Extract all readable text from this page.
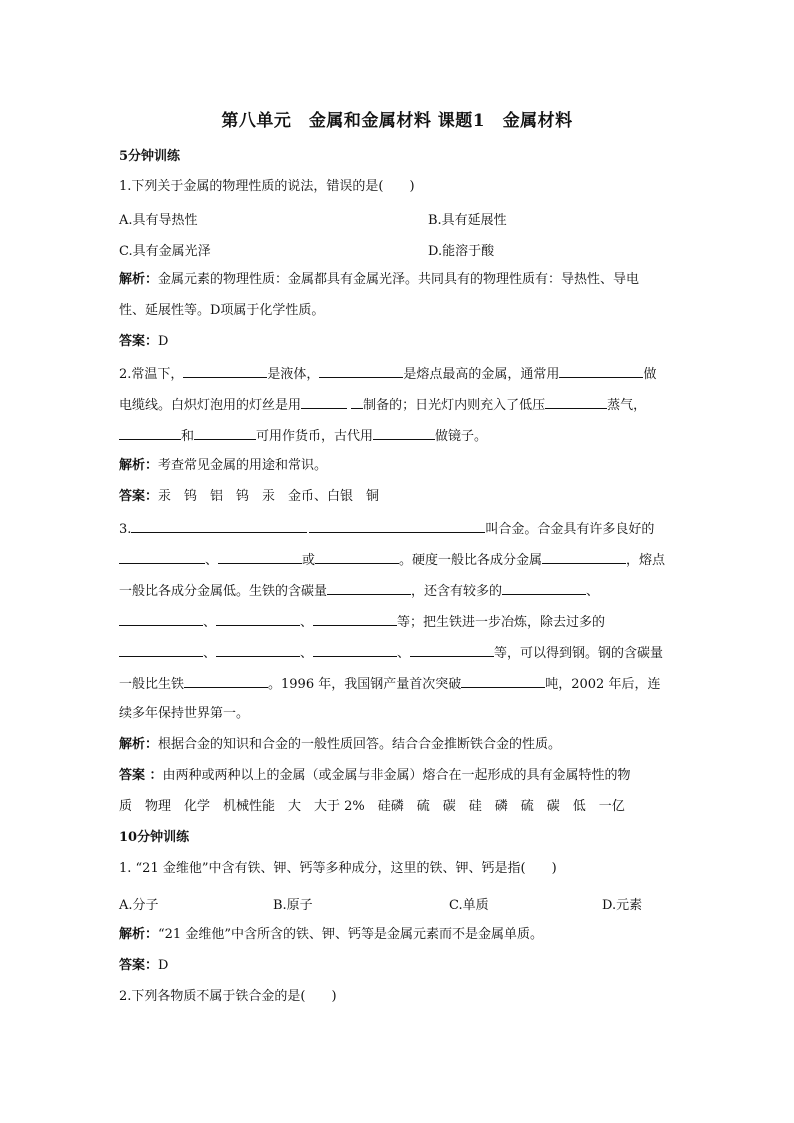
第八单元　金属和金属材料 课题1　金属材料
5分钟训练
1.下列关于金属的物理性质的说法，错误的是(　　)
A.具有导热性	B.具有延展性
C.具有金属光泽	D.能溶于酸
解析：金属元素的物理性质：金属都具有金属光泽。共同具有的物理性质有：导热性、导电
性、延展性等。D项属于化学性质。
答案：D
2.常温下，	是液体，	是熔点最高的金属，通常用	做
电缆线。白炽灯泡用的灯丝是用	制备的；日光灯内则充入了低压	蒸气，
和	可用作货币，古代用	做镜子。
解析：考查常见金属的用途和常识。
答案：汞　钨　铝　钨　汞　金币、白银　铜
3.	叫合金。合金具有许多良好的
、	或	。硬度一般比各成分金属	，熔点
一般比各成分金属低。生铁的含碳量	，还含有较多的	、
、	、	等；把生铁进一步冶炼，除去过多的
、	、	、	等，可以得到钢。钢的含碳量
一般比生铁	。1996 年，我国钢产量首次突破	吨，2002 年后，连
续多年保持世界第一。
解析：根据合金的知识和合金的一般性质回答。结合合金推断铁合金的性质。
答案 ：由两种或两种以上的金属（或金属与非金属）熔合在一起形成的具有金属特性的物
质　物理　化学　机械性能　大　大于 2%　硅磷　硫　碳　硅　磷　硫　碳　低　一亿
10分钟训练
1. “21 金维他”中含有铁、钾、钙等多种成分，这里的铁、钾、钙是指(　　)
A.分子	B.原子	C.单质	D.元素
解析：“21 金维他”中含所含的铁、钾、钙等是金属元素而不是金属单质。
答案：D
2.下列各物质不属于铁合金的是(　　)
